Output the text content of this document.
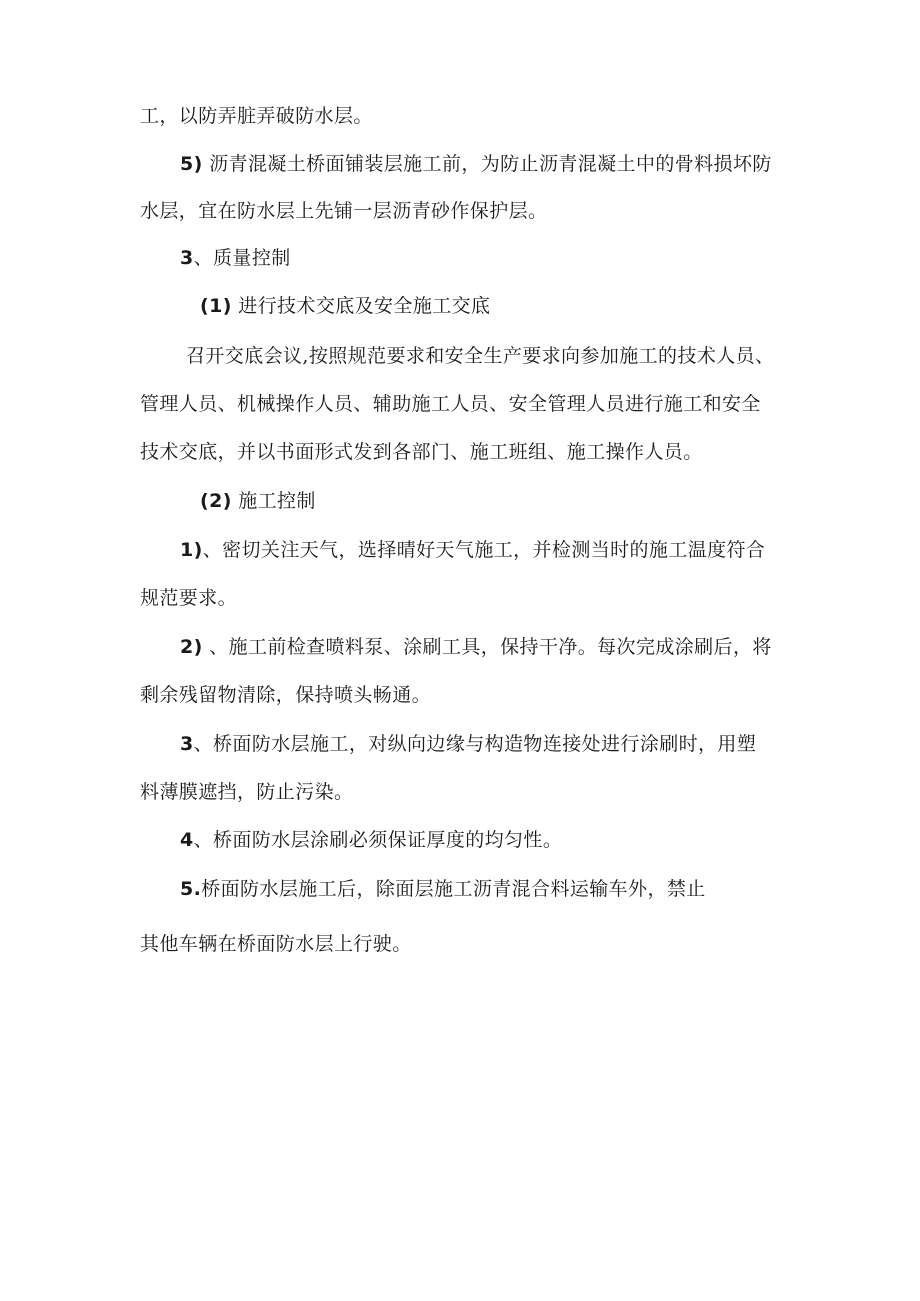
工，以防弄脏弄破防水层。
5) 沥青混凝土桥面铺装层施工前，为防止沥青混凝土中的骨料损坏防
水层，宜在防水层上先铺一层沥青砂作保护层。
3、质量控制
(1) 进行技术交底及安全施工交底
召开交底会议,按照规范要求和安全生产要求向参加施工的技术人员、
管理人员、机械操作人员、辅助施工人员、安全管理人员进行施工和安全
技术交底，并以书面形式发到各部门、施工班组、施工操作人员。
(2) 施工控制
1)、密切关注天气，选择晴好天气施工，并检测当时的施工温度符合
规范要求。
2) 、施工前检查喷料泵、涂刷工具，保持干净。每次完成涂刷后，将
剩余残留物清除，保持喷头畅通。
3、桥面防水层施工，对纵向边缘与构造物连接处进行涂刷时，用塑
料薄膜遮挡，防止污染。
4、桥面防水层涂刷必须保证厚度的均匀性。
5.桥面防水层施工后，除面层施工沥青混合料运输车外，禁止
其他车辆在桥面防水层上行驶。
